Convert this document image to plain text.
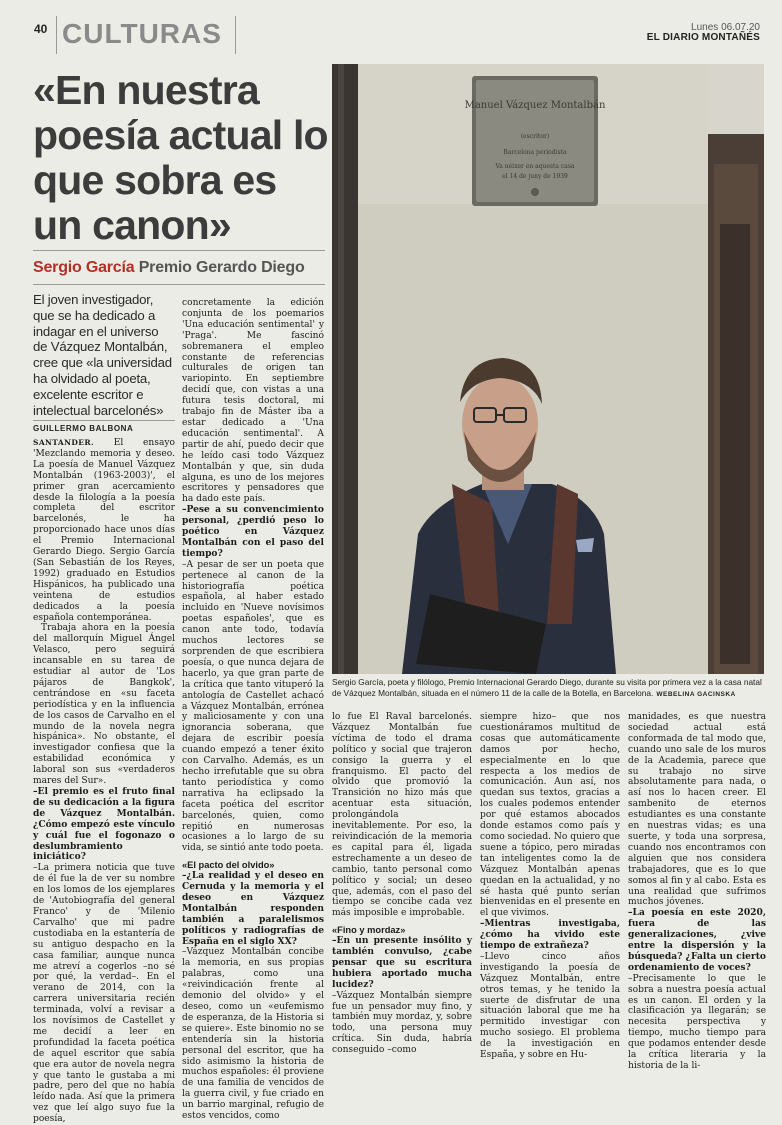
40 CULTURAS	Lunes 06.07.20
EL DIARIO MONTAÑÉS
«En nuestra poesía actual lo que sobra es un canon»
Sergio García Premio Gerardo Diego

El joven investigador, que se ha dedicado a indagar en el universo de Vázquez Montalbán, cree que «la universidad ha olvidado al poeta, excelente escritor e intelectual barcelonés»

GUILLERMO BALBONA

SANTANDER. El ensayo 'Mezclando memoria y deseo. La poesía de Manuel Vázquez Montalbán (1963-2003)', el primer gran acercamiento desde la filología a la poesía completa del escritor barcelonés, le ha proporcionado hace unos días el Premio Internacional Gerardo Diego. Sergio García (San Sebastián de los Reyes, 1992) graduado en Estudios Hispánicos, ha publicado una veintena de estudios dedicados a la poesía española contemporánea.

Trabaja ahora en la poesía del mallorquín Miguel Ángel Velasco, pero seguirá incansable en su tarea de estudiar al autor de 'Los pájaros de Bangkok', centrándose en «su faceta periodística y en la influencia de los casos de Carvalho en el mundo de la novela negra hispánica». No obstante, el investigador confiesa que la estabilidad económica y laboral son sus «verdaderos mares del Sur».

–El premio es el fruto final de su dedicación a la figura de Vázquez Montalbán. ¿Cómo empezó este vínculo y cuál fue el fogonazo o deslumbramiento iniciático?

–La primera noticia que tuve de él fue la de ver su nombre en los lomos de los ejemplares de 'Autobiografía del general Franco' y de 'Milenio Carvalho' que mi padre custodiaba en la estantería de su antiguo despacho en la casa familiar, aunque nunca me atreví a cogerlos –no sé por qué, la verdad–. En el verano de 2014, con la carrera universitaria recién terminada, volví a revisar a los novísimos de Castellet y me decidí a leer en profundidad la faceta poética de aquel escritor que sabía que era autor de novela negra y que tanto le gustaba a mi padre, pero del que no había leído nada. Así que la primera vez que leí algo suyo fue la poesía,

concretamente la edición conjunta de los poemarios 'Una educación sentimental' y 'Praga'. Me fascinó sobremanera el empleo constante de referencias culturales de origen tan variopinto. En septiembre decidí que, con vistas a una futura tesis doctoral, mi trabajo fin de Máster iba a estar dedicado a 'Una educación sentimental'. A partir de ahí, puedo decir que he leído casi todo Vázquez Montalbán y que, sin duda alguna, es uno de los mejores escritores y pensadores que ha dado este país.

–Pese a su convencimiento personal, ¿perdió peso lo poético en Vázquez Montalbán con el paso del tiempo?

–A pesar de ser un poeta que pertenece al canon de la historiografía poética española, al haber estado incluido en 'Nueve novísimos poetas españoles', que es canon ante todo, todavía muchos lectores se sorprenden de que escribiera poesía, o que nunca dejara de hacerlo, ya que gran parte de la crítica que tanto vituperó la antología de Castellet achacó a Vázquez Montalbán, errónea y maliciosamente y con una ignorancia soberana, que dejara de escribir poesía cuando empezó a tener éxito con Carvalho. Además, es un hecho irrefutable que su obra tanto periodística y como narrativa ha eclipsado la faceta poética del escritor barcelonés, quien, como repitió en numerosas ocasiones a lo largo de su vida, se sintió ante todo poeta.

«El pacto del olvido»

–¿La realidad y el deseo en Cernuda y la memoria y el deseo en Vázquez Montalbán responden también a paralelismos políticos y radiografías de España en el siglo XX?

–Vázquez Montalbán concibe la memoria, en sus propias palabras, como una «reivindicación frente al demonio del olvido» y el deseo, como un «eufemismo de esperanza, de la Historia si se quiere». Este binomio no se entendería sin la historia personal del escritor, que ha sido asimismo la historia de muchos españoles: él proviene de una familia de vencidos de la guerra civil, y fue criado en un barrio marginal, refugio de estos vencidos, como

Manuel Vázquez Montalbán
(escritor)
Barcelona periodista
Va néixer en aquesta casa
el 14 de juny de 1939

Sergio García, poeta y filólogo, Premio Internacional Gerardo Diego, durante su visita por primera vez a la casa natal de Vázquez Montalbán, situada en el número 11 de la calle de la Botella, en Barcelona. WEBELINA GACINSKA

lo fue El Raval barcelonés. Vázquez Montalbán fue víctima de todo el drama político y social que trajeron consigo la guerra y el franquismo. El pacto del olvido que promovió la Transición no hizo más que acentuar esta situación, prolongándola inevitablemente. Por eso, la reivindicación de la memoria es capital para él, ligada estrechamente a un deseo de cambio, tanto personal como político y social; un deseo que, además, con el paso del tiempo se concibe cada vez más imposible e improbable.

«Fino y mordaz»

–En un presente insólito y también convulso, ¿cabe pensar que su escritura hubiera aportado mucha lucidez?

–Vázquez Montalbán siempre fue un pensador muy fino, y también muy mordaz, y, sobre todo, una persona muy crítica. Sin duda, habría conseguido –como

siempre hizo– que nos cuestionáramos multitud de cosas que automáticamente damos por hecho, especialmente en lo que respecta a los medios de comunicación. Aun así, nos quedan sus textos, gracias a los cuales podemos entender por qué estamos abocados donde estamos como país y como sociedad. No quiero que suene a tópico, pero miradas tan inteligentes como la de Vázquez Montalbán apenas quedan en la actualidad, y no sé hasta qué punto serían bienvenidas en el presente en el que vivimos.

–Mientras investigaba, ¿cómo ha vivido este tiempo de extrañeza?

–Llevo cinco años investigando la poesía de Vázquez Montalbán, entre otros temas, y he tenido la suerte de disfrutar de una situación laboral que me ha permitido investigar con mucho sosiego. El problema de la investigación en España, y sobre en Hu-

manidades, es que nuestra sociedad actual está conformada de tal modo que, cuando uno sale de los muros de la Academia, parece que su trabajo no sirve absolutamente para nada, o así nos lo hacen creer. El sambenito de eternos estudiantes es una constante en nuestras vidas; es una suerte, y toda una sorpresa, cuando nos encontramos con alguien que nos considera trabajadores, que es lo que somos al fin y al cabo. Esta es una realidad que sufrimos muchos jóvenes.

–La poesía en este 2020, fuera de las generalizaciones, ¿vive entre la dispersión y la búsqueda? ¿Falta un cierto ordenamiento de voces?

–Precisamente lo que le sobra a nuestra poesía actual es un canon. El orden y la clasificación ya llegarán; se necesita perspectiva y tiempo, mucho tiempo para que podamos entender desde la crítica literaria y la historia de la li-
